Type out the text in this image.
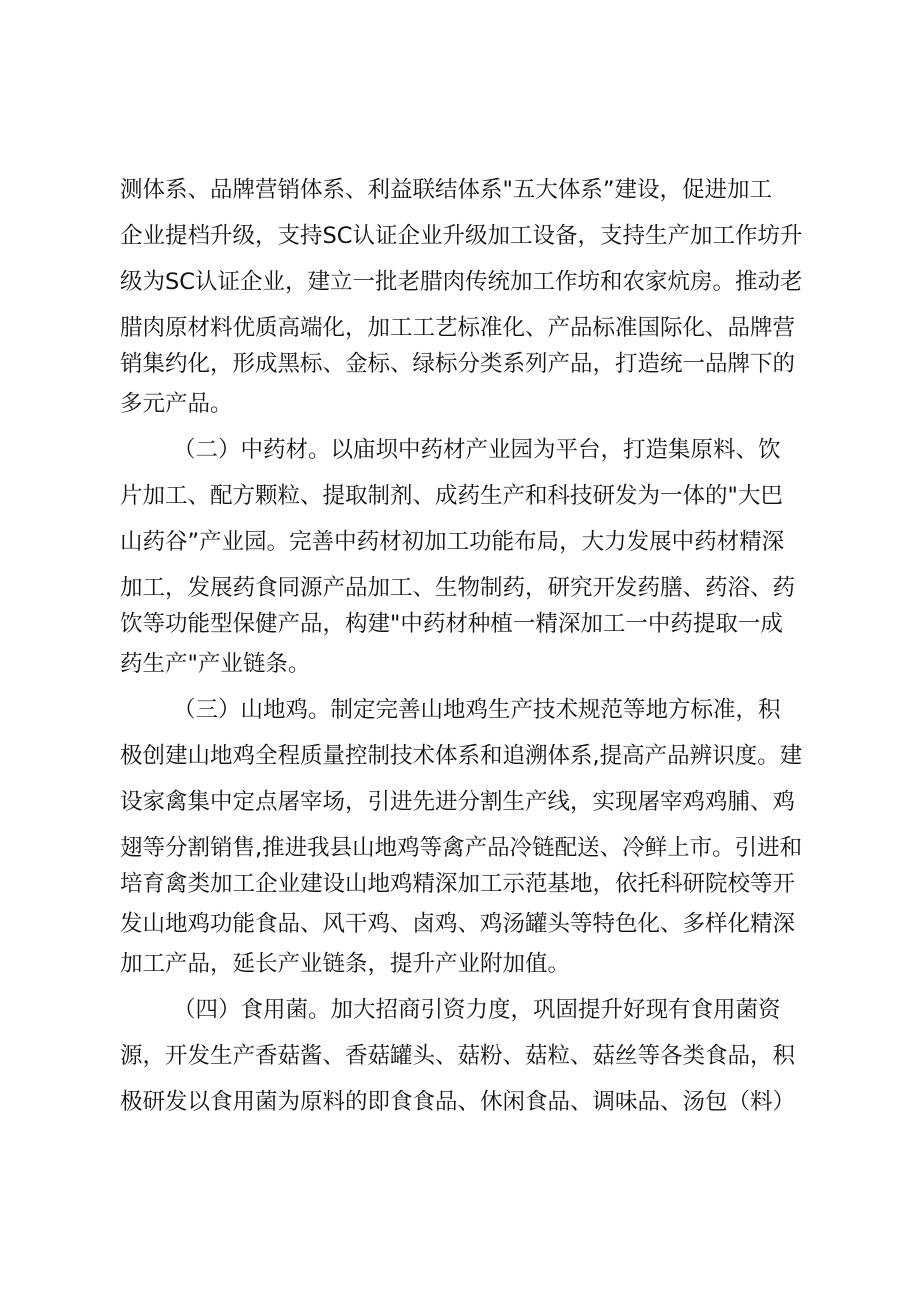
测体系、品牌营销体系、利益联结体系"五大体系”建设，促进加工
企业提档升级，支持SC认证企业升级加工设备，支持生产加工作坊升
级为SC认证企业，建立一批老腊肉传统加工作坊和农家炕房。推动老
腊肉原材料优质高端化，加工工艺标准化、产品标准国际化、品牌营
销集约化，形成黑标、金标、绿标分类系列产品，打造统一品牌下的
多元产品。
（二）中药材。以庙坝中药材产业园为平台，打造集原料、饮
片加工、配方颗粒、提取制剂、成药生产和科技研发为一体的"大巴
山药谷”产业园。完善中药材初加工功能布局，大力发展中药材精深
加工，发展药食同源产品加工、生物制药，研究开发药膳、药浴、药
饮等功能型保健产品，构建"中药材种植一精深加工一中药提取一成
药生产"产业链条。
（三）山地鸡。制定完善山地鸡生产技术规范等地方标准，积
极创建山地鸡全程质量控制技术体系和追溯体系,提高产品辨识度。建
设家禽集中定点屠宰场，引进先进分割生产线，实现屠宰鸡鸡脯、鸡
翅等分割销售,推进我县山地鸡等禽产品冷链配送、冷鲜上市。引进和
培育禽类加工企业建设山地鸡精深加工示范基地，依托科研院校等开
发山地鸡功能食品、风干鸡、卤鸡、鸡汤罐头等特色化、多样化精深
加工产品，延长产业链条，提升产业附加值。
（四）食用菌。加大招商引资力度，巩固提升好现有食用菌资
源，开发生产香菇酱、香菇罐头、菇粉、菇粒、菇丝等各类食品，积
极研发以食用菌为原料的即食食品、休闲食品、调味品、汤包（料）
